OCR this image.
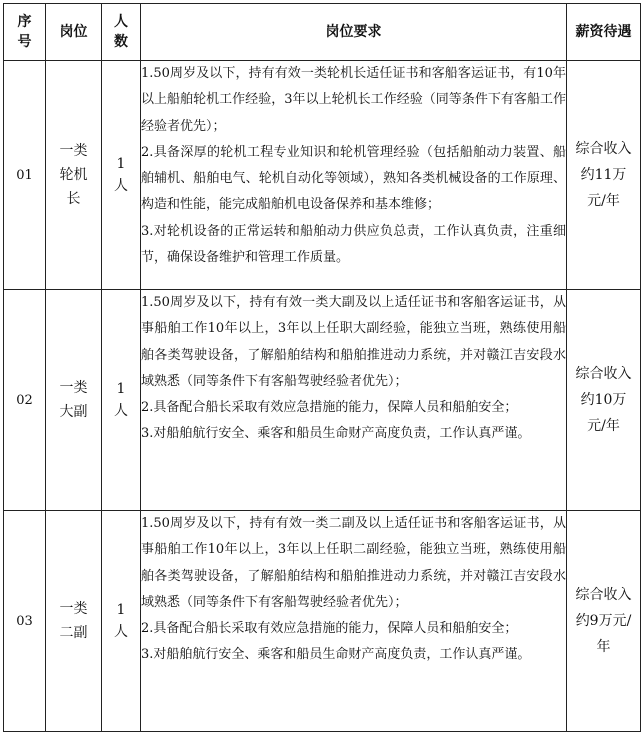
序号	岗位	人数	岗位要求	薪资待遇
01	一类轮机长	1人	1.50周岁及以下，持有有效一类轮机长适任证书和客船客运证书，有10年以上船舶轮机工作经验，3年以上轮机长工作经验（同等条件下有客船工作经验者优先）；
2.具备深厚的轮机工程专业知识和轮机管理经验（包括船舶动力装置、船舶辅机、船舶电气、轮机自动化等领域），熟知各类机械设备的工作原理、构造和性能，能完成船舶机电设备保养和基本维修；
3.对轮机设备的正常运转和船舶动力供应负总责，工作认真负责，注重细节，确保设备维护和管理工作质量。	综合收入约11万元/年
02	一类大副	1人	1.50周岁及以下，持有有效一类大副及以上适任证书和客船客运证书，从事船舶工作10年以上，3年以上任职大副经验，能独立当班，熟练使用船舶各类驾驶设备，了解船舶结构和船舶推进动力系统，并对赣江吉安段水域熟悉（同等条件下有客船驾驶经验者优先）；
2.具备配合船长采取有效应急措施的能力，保障人员和船舶安全；
3.对船舶航行安全、乘客和船员生命财产高度负责，工作认真严谨。	综合收入约10万元/年
03	一类二副	1人	1.50周岁及以下，持有有效一类二副及以上适任证书和客船客运证书，从事船舶工作10年以上，3年以上任职二副经验，能独立当班，熟练使用船舶各类驾驶设备，了解船舶结构和船舶推进动力系统，并对赣江吉安段水域熟悉（同等条件下有客船驾驶经验者优先）；
2.具备配合船长采取有效应急措施的能力，保障人员和船舶安全；
3.对船舶航行安全、乘客和船员生命财产高度负责，工作认真严谨。	综合收入约9万元/年
